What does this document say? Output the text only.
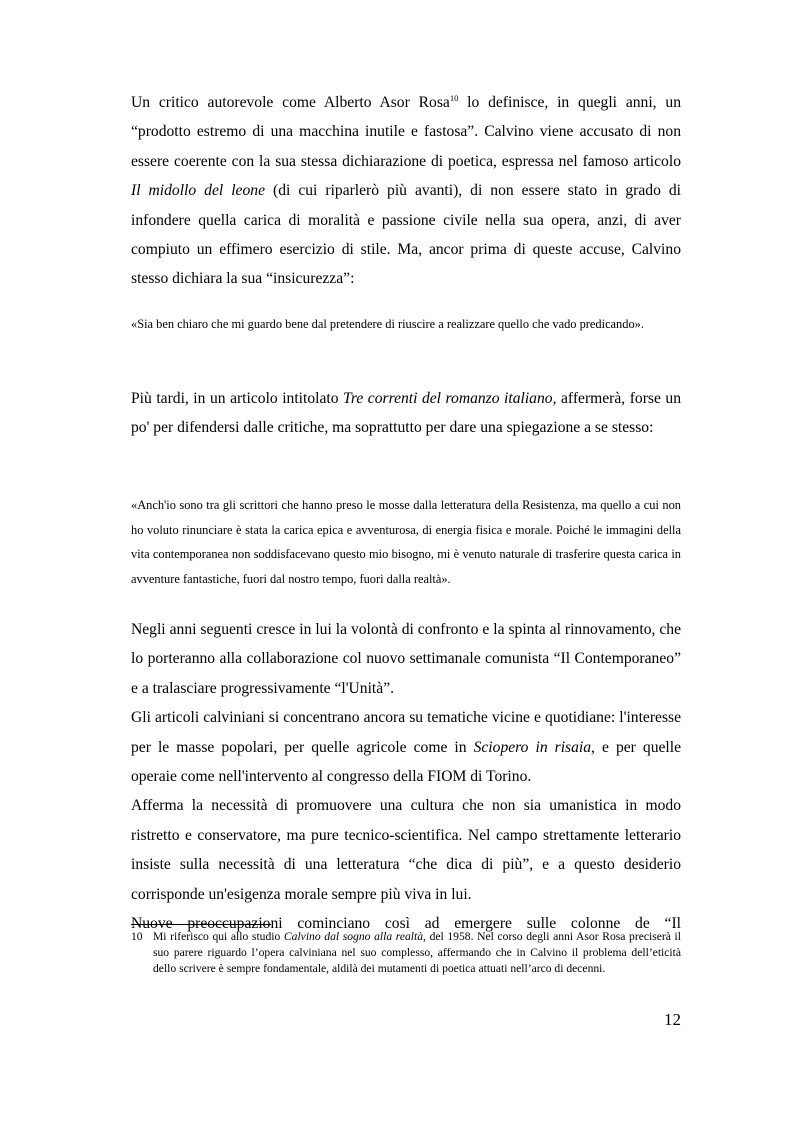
Un critico autorevole come Alberto Asor Rosa$^{10}$ lo definisce, in quegli anni, un “prodotto estremo di una macchina inutile e fastosa”. Calvino viene accusato di non essere coerente con la sua stessa dichiarazione di poetica, espressa nel famoso articolo Il midollo del leone (di cui riparlerò più avanti), di non essere stato in grado di infondere quella carica di moralità e passione civile nella sua opera, anzi, di aver compiuto un effimero esercizio di stile. Ma, ancor prima di queste accuse, Calvino stesso dichiara la sua “insicurezza”:

«Sia ben chiaro che mi guardo bene dal pretendere di riuscire a realizzare quello che vado predicando».

Più tardi, in un articolo intitolato Tre correnti del romanzo italiano, affermerà, forse un po' per difendersi dalle critiche, ma soprattutto per dare una spiegazione a se stesso:

«Anch'io sono tra gli scrittori che hanno preso le mosse dalla letteratura della Resistenza, ma quello a cui non ho voluto rinunciare è stata la carica epica e avventurosa, di energia fisica e morale. Poiché le immagini della vita contemporanea non soddisfacevano questo mio bisogno, mi è venuto naturale di trasferire questa carica in avventure fantastiche, fuori dal nostro tempo, fuori dalla realtà».

Negli anni seguenti cresce in lui la volontà di confronto e la spinta al rinnovamento, che lo porteranno alla collaborazione col nuovo settimanale comunista “Il Contemporaneo” e a tralasciare progressivamente “l'Unità”.

Gli articoli calviniani si concentrano ancora su tematiche vicine e quotidiane: l'interesse per le masse popolari, per quelle agricole come in Sciopero in risaia, e per quelle operaie come nell'intervento al congresso della FIOM di Torino.

Afferma la necessità di promuovere una cultura che non sia umanistica in modo ristretto e conservatore, ma pure tecnico-scientifica. Nel campo strettamente letterario insiste sulla necessità di una letteratura “che dica di più”, e a questo desiderio corrisponde un'esigenza morale sempre più viva in lui.

Nuove preoccupazioni cominciano così ad emergere sulle colonne de “Il

10 Mi riferisco qui allo studio Calvino dal sogno alla realtà, del 1958. Nel corso degli anni Asor Rosa preciserà il suo parere riguardo l’opera calviniana nel suo complesso, affermando che in Calvino il problema dell’eticità dello scrivere è sempre fondamentale, aldilà dei mutamenti di poetica attuati nell’arco di decenni.
12
